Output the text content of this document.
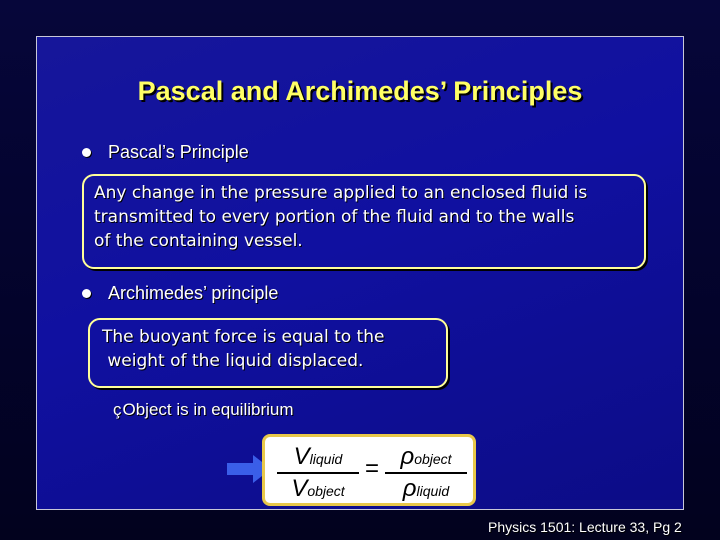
Pascal and Archimedes’ Principles
Pascal’s Principle
Any change in the pressure applied to an enclosed fluid is
transmitted to every portion of the fluid and to the walls
of the containing vessel.
Archimedes’ principle
The buoyant force is equal to the
weight of the liquid displaced.
ç Object is in equilibrium
Vliquid
Vobject
= ρobject
ρliquid
Physics 1501: Lecture 33, Pg 2
